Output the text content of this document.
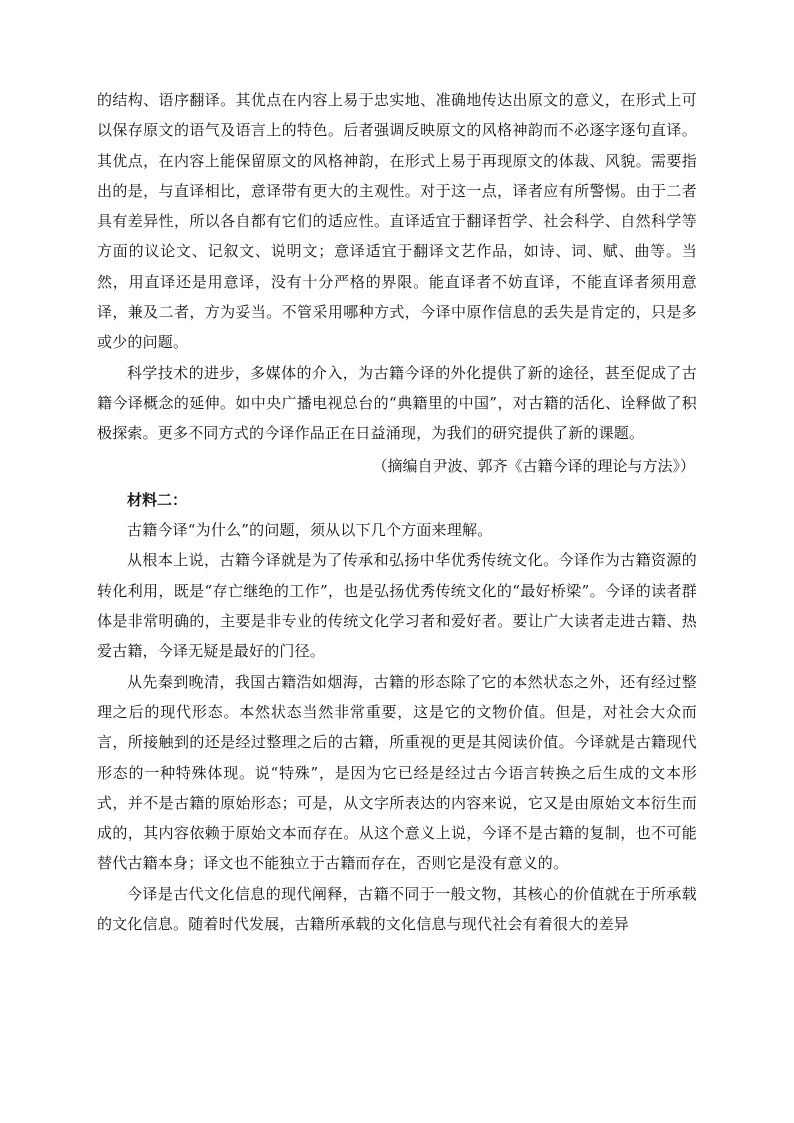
的结构、语序翻译。其优点在内容上易于忠实地、准确地传达出原文的意义，在形式上可以保存原文的语气及语言上的特色。后者强调反映原文的风格神韵而不必逐字逐句直译。其优点，在内容上能保留原文的风格神韵，在形式上易于再现原文的体裁、风貌。需要指出的是，与直译相比，意译带有更大的主观性。对于这一点，译者应有所警惕。由于二者具有差异性，所以各自都有它们的适应性。直译适宜于翻译哲学、社会科学、自然科学等方面的议论文、记叙文、说明文；意译适宜于翻译文艺作品，如诗、词、赋、曲等。当然，用直译还是用意译，没有十分严格的界限。能直译者不妨直译，不能直译者须用意译，兼及二者，方为妥当。不管采用哪种方式，今译中原作信息的丢失是肯定的，只是多或少的问题。

科学技术的进步，多媒体的介入，为古籍今译的外化提供了新的途径，甚至促成了古籍今译概念的延伸。如中央广播电视总台的“典籍里的中国”，对古籍的活化、诠释做了积极探索。更多不同方式的今译作品正在日益涌现，为我们的研究提供了新的课题。

（摘编自尹波、郭齐《古籍今译的理论与方法》）

材料二：

古籍今译“为什么”的问题，须从以下几个方面来理解。

从根本上说，古籍今译就是为了传承和弘扬中华优秀传统文化。今译作为古籍资源的转化利用，既是“存亡继绝的工作”，也是弘扬优秀传统文化的“最好桥梁”。今译的读者群体是非常明确的，主要是非专业的传统文化学习者和爱好者。要让广大读者走进古籍、热爱古籍，今译无疑是最好的门径。

从先秦到晚清，我国古籍浩如烟海，古籍的形态除了它的本然状态之外，还有经过整理之后的现代形态。本然状态当然非常重要，这是它的文物价值。但是，对社会大众而言，所接触到的还是经过整理之后的古籍，所重视的更是其阅读价值。今译就是古籍现代形态的一种特殊体现。说“特殊”，是因为它已经是经过古今语言转换之后生成的文本形式，并不是古籍的原始形态；可是，从文字所表达的内容来说，它又是由原始文本衍生而成的，其内容依赖于原始文本而存在。从这个意义上说，今译不是古籍的复制，也不可能替代古籍本身；译文也不能独立于古籍而存在，否则它是没有意义的。

今译是古代文化信息的现代阐释，古籍不同于一般文物，其核心的价值就在于所承载的文化信息。随着时代发展，古籍所承载的文化信息与现代社会有着很大的差异
